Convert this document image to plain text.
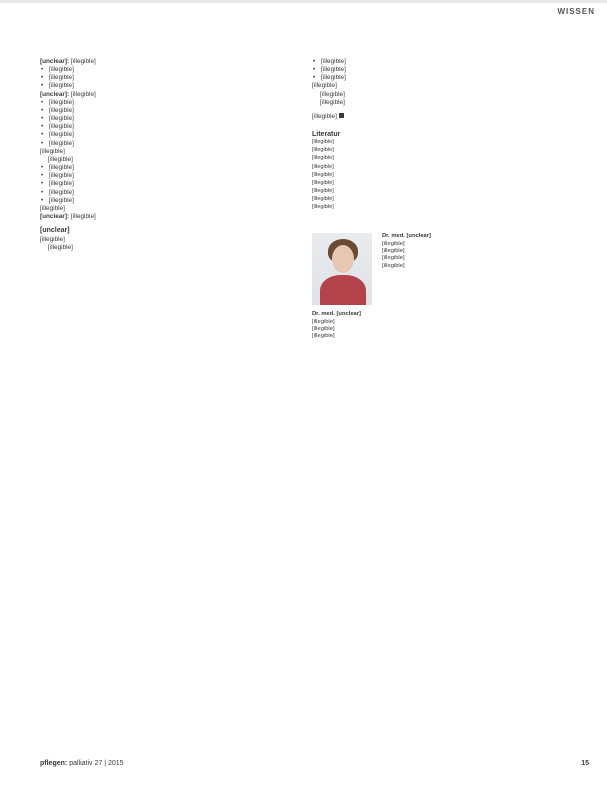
WISSEN

[unclear]: [illegible]

• [illegible]
• [illegible]
• [illegible]

[unclear]: [illegible]

• [illegible]
• [illegible]
• [illegible]
• [illegible]
• [illegible]
• [illegible]

[illegible]

[illegible]

• [illegible]
• [illegible]
• [illegible]
• [illegible]
• [illegible]

[illegible]

[unclear]: [illegible]

[unclear]

[illegible]

[illegible]

• [illegible]
• [illegible]
• [illegible]

[illegible]

[illegible]

[illegible]

[illegible]

Literatur

[illegible]

[illegible]

[illegible]

[illegible]

[illegible]

[illegible]

[illegible]

[illegible]

[illegible]

Dr. med. [unclear]
[illegible]
[illegible]
[illegible]
[illegible]
Dr. med. [unclear]
[illegible]
[illegible]
[illegible]
pflegen: palliativ 27 | 2015	15
